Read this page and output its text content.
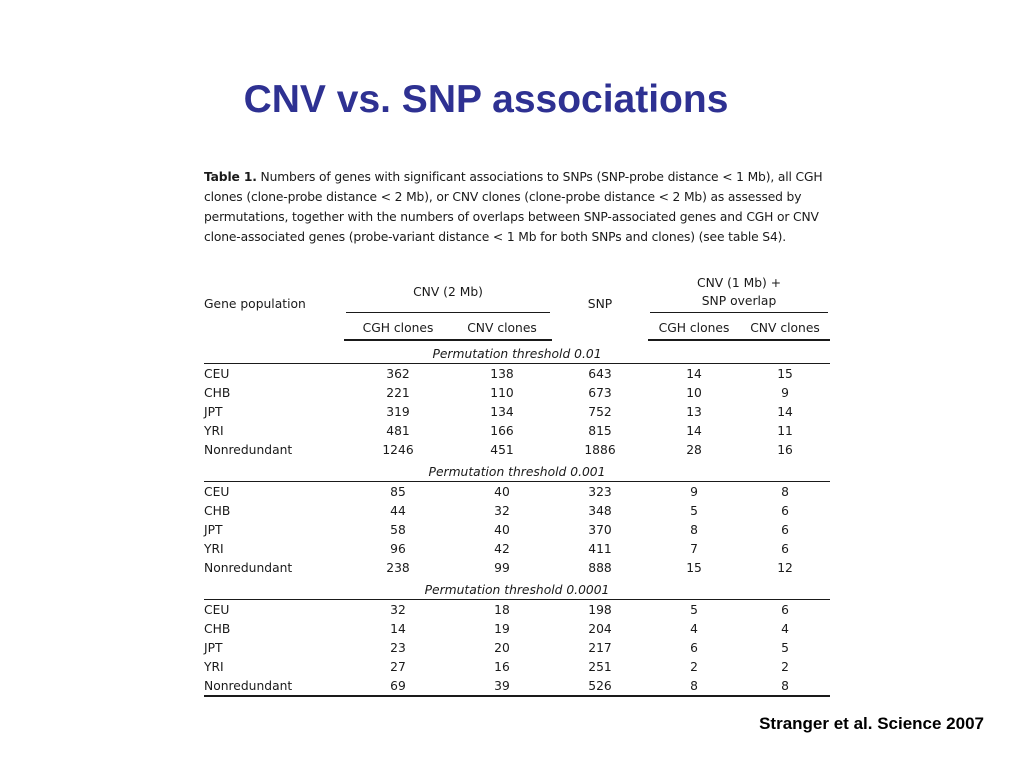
CNV vs. SNP associations

Table 1. Numbers of genes with significant associations to SNPs (SNP-probe distance < 1 Mb), all CGH clones (clone-probe distance < 2 Mb), or CNV clones (clone-probe distance < 2 Mb) as assessed by permutations, together with the numbers of overlaps between SNP-associated genes and CGH or CNV clone-associated genes (probe-variant distance < 1 Mb for both SNPs and clones) (see table S4).

Gene population	CNV (2 Mb)		SNP	CNV (1 Mb) +
SNP overlap	

	CGH clones	CNV clones		CGH clones	CNV clones
Permutation threshold 0.01					
CEU	362	138	643	14	15
CHB	221	110	673	10	9
JPT	319	134	752	13	14
YRI	481	166	815	14	11
Nonredundant	1246	451	1886	28	16
Permutation threshold 0.001					
CEU	85	40	323	9	8
CHB	44	32	348	5	6
JPT	58	40	370	8	6
YRI	96	42	411	7	6
Nonredundant	238	99	888	15	12
Permutation threshold 0.0001					
CEU	32	18	198	5	6
CHB	14	19	204	4	4
JPT	23	20	217	6	5
YRI	27	16	251	2	2
Nonredundant	69	39	526	8	8

Stranger et al. Science 2007
